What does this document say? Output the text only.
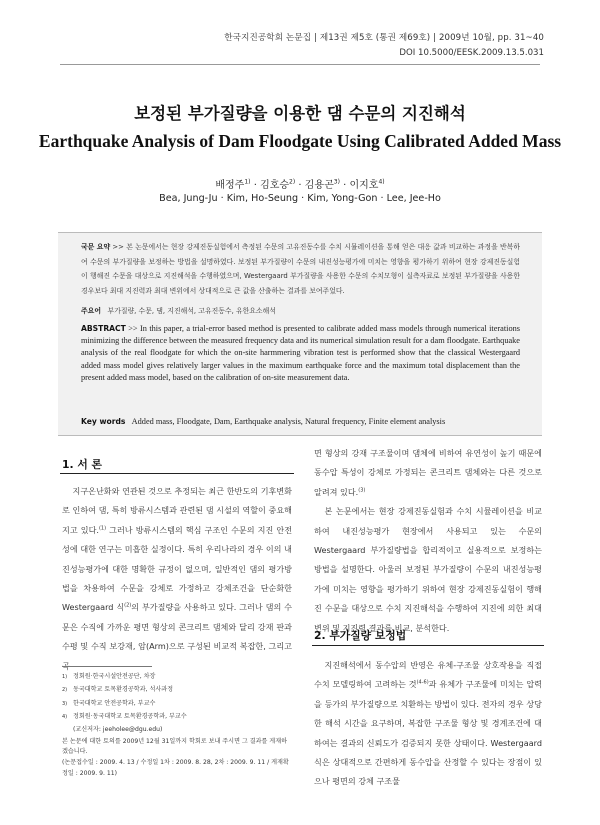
한국지진공학회 논문집 | 제13권 제5호 (통권 제69호) | 2009년 10월, pp. 31~40
DOI 10.5000/EESK.2009.13.5.031
보정된 부가질량을 이용한 댐 수문의 지진해석
Earthquake Analysis of Dam Floodgate Using Calibrated Added Mass
배정주$^{1)}$ · 김호승$^{2)}$ · 김용곤$^{3)}$ · 이지호$^{4)}$
Bea, Jung-Ju · Kim, Ho-Seung · Kim, Yong-Gon · Lee, Jee-Ho
국문 요약 >> 본 논문에서는 현장 강제진동실험에서 측정된 수문의 고유진동수를 수치 시뮬레이션을 통해 얻은 대응 값과 비교하는 과정을 반복하여 수문의 부가질량을 보정하는 방법을 설명하였다. 보정된 부가질량이 수문의 내진성능평가에 미치는 영향을 평가하기 위하여 현장 강제진동실험이 행해진 수문을 대상으로 지진해석을 수행하였으며, Westergaard 부가질량을 사용한 수문의 수치모형이 실측자료로 보정된 부가질량을 사용한 경우보다 최대 지진력과 최대 변위에서 상대적으로 큰 값을 산출하는 결과를 보여주었다.
주요어 부가질량, 수문, 댐, 지진해석, 고유진동수, 유한요소해석
ABSTRACT >> In this paper, a trial-error based method is presented to calibrate added mass models through numerical iterations minimizing the difference between the measured frequency data and its numerical simulation result for a dam floodgate. Earthquake analysis of the real floodgate for which the on-site harmmering vibration test is performed show that the classical Westergaard added mass model gives relatively larger values in the maximum earthquake force and the maximum total displacement than the present added mass model, based on the calibration of on-site measurement data.
Key words Added mass, Floodgate, Dam, Earthquake analysis, Natural frequency, Finite element analysis
1. 서 론

지구온난화와 연관된 것으로 추정되는 최근 한반도의 기후변화로 인하여 댐, 특히 방류시스템과 관련된 댐 시설의 역할이 중요해지고 있다.$^{(1)}$ 그러나 방류시스템의 핵심 구조인 수문의 지진 안전성에 대한 연구는 미흡한 실정이다. 특히 우리나라의 경우 이의 내진성능평가에 대한 명확한 규정이 없으며, 일반적인 댐의 평가방법을 차용하여 수문을 강체로 가정하고 강체조건을 단순화한 Westergaard 식$^{(2)}$의 부가질량을 사용하고 있다. 그러나 댐의 수문은 수직에 가까운 평면 형상의 콘크리트 댐체와 달리 강재 판과 수평 및 수직 보강재, 암(Arm)으로 구성된 비교적 복잡한, 그리고

$^{1)}$ 정회원·한국시설안전공단, 차장
$^{2)}$ 동국대학교 토목환경공학과, 석사과정
$^{3)}$ 한국대학교 안전공학과, 부교수
$^{4)}$ 정회원·동국대학교 토목환경공학과, 부교수
(교신저자: jeeholee@dgu.edu)
본 논문에 대한 토의를 2009년 12월 31일까지 학회로 보내 주시면 그 결과를 게재하겠습니다.
(논문접수일 : 2009. 4. 13 / 수정일 1차 : 2009. 8. 28, 2차 : 2009. 9. 11 / 게재확정일 : 2009. 9. 11)
면 형상의 강재 구조물이며 댐체에 비하여 유연성이 높기 때문에 동수압 특성이 강체로 가정되는 콘크리트 댐체와는 다른 것으로 알려져 있다.$^{(3)}$

본 논문에서는 현장 강제진동실험과 수치 시뮬레이션을 비교하여 내진성능평가 현장에서 사용되고 있는 수문의 Westergaard 부가질량법을 합리적이고 실용적으로 보정하는 방법을 설명한다. 아울러 보정된 부가질량이 수문의 내진성능평가에 미치는 영향을 평가하기 위하여 현장 강제진동실험이 행해진 수문을 대상으로 수치 지진해석을 수행하여 지진에 의한 최대변위 및 지진력 결과를 비교, 분석한다.

2. 부가질량 보정법

지진해석에서 동수압의 반영은 유체-구조물 상호작용을 직접 수치 모델링하여 고려하는 것$^{(4-6)}$과 유체가 구조물에 미치는 압력을 등가의 부가질량으로 치환하는 방법이 있다. 전자의 경우 상당한 해석 시간을 요구하며, 복잡한 구조물 형상 및 경계조건에 대하여는 결과의 신뢰도가 검증되지 못한 상태이다. Westergaard 식은 상대적으로 간편하게 동수압을 산정할 수 있다는 장점이 있으나 평면의 강체 구조물
